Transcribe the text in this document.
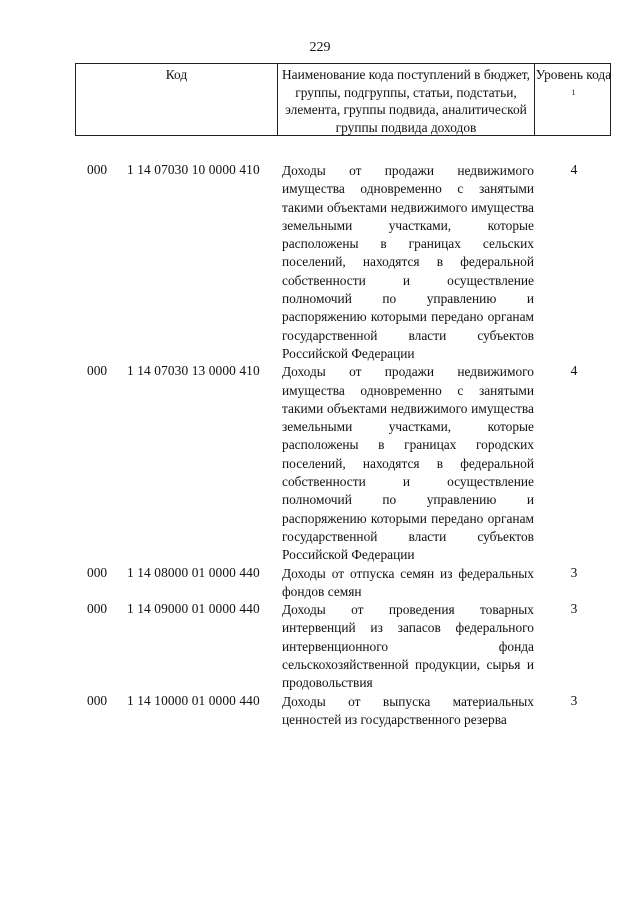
229
Код	Наименование кода поступлений в бюджет, группы, подгруппы, статьи, подстатьи, элемента, группы подвида, аналитической группы подвида доходов
Уровень кода $^1$
000 1 14 07030 10 0000 410 Доходы от продажи недвижимого имущества одновременно с занятыми такими объектами недвижимого имущества земельными участками, которые расположены в границах сельских поселений, находятся в федеральной собственности и осуществление полномочий по управлению и распоряжению которыми передано органам государственной власти субъектов Российской Федерации
4
000 1 14 07030 13 0000 410 Доходы от продажи недвижимого имущества одновременно с занятыми такими объектами недвижимого имущества земельными участками, которые расположены в границах городских поселений, находятся в федеральной собственности и осуществление полномочий по управлению и распоряжению которыми передано органам государственной власти субъектов Российской Федерации
4
000 1 14 08000 01 0000 440 Доходы от отпуска семян из федеральных фондов семян
3
000 1 14 09000 01 0000 440 Доходы от проведения товарных интервенций из запасов федерального интервенционного фонда сельскохозяйственной продукции, сырья и продовольствия
3
000 1 14 10000 01 0000 440 Доходы от выпуска материальных ценностей из государственного резерва
3
